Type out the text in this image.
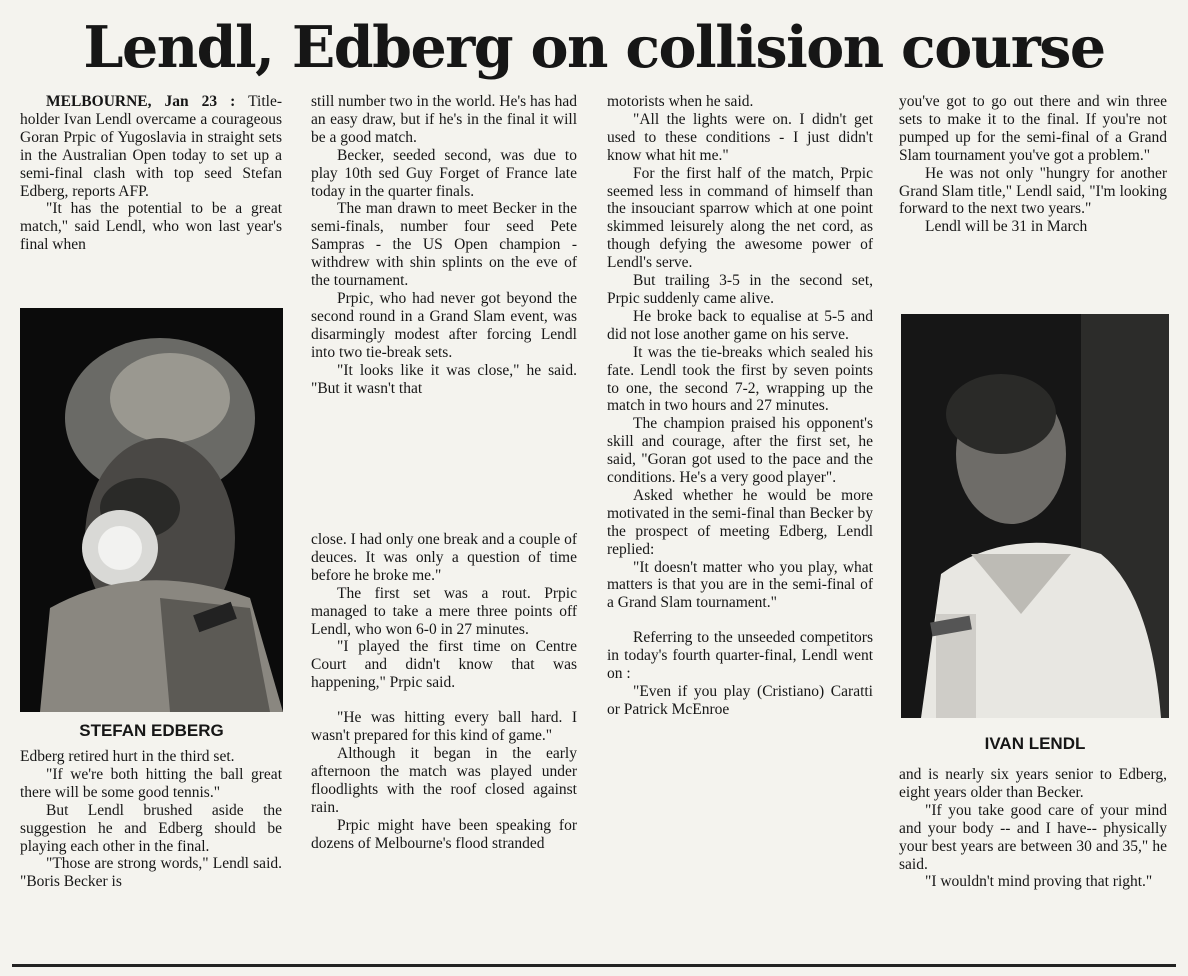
Lendl, Edberg on collision course

MELBOURNE, Jan 23 : Title-holder Ivan Lendl overcame a courageous Goran Prpic of Yugoslavia in straight sets in the Australian Open today to set up a semi-final clash with top seed Stefan Edberg, reports AFP.

"It has the potential to be a great match," said Lendl, who won last year's final when

STEFAN EDBERG

Edberg retired hurt in the third set.

"If we're both hitting the ball great there will be some good tennis."

But Lendl brushed aside the suggestion he and Edberg should be playing each other in the final.

"Those are strong words," Lendl said. "Boris Becker is

still number two in the world. He's has had an easy draw, but if he's in the final it will be a good match.

Becker, seeded second, was due to play 10th sed Guy Forget of France late today in the quarter finals.

The man drawn to meet Becker in the semi-finals, number four seed Pete Sampras - the US Open champion - withdrew with shin splints on the eve of the tournament.

Prpic, who had never got beyond the second round in a Grand Slam event, was disarmingly modest after forcing Lendl into two tie-break sets.

"It looks like it was close," he said. "But it wasn't that

close. I had only one break and a couple of deuces. It was only a question of time before he broke me."

The first set was a rout. Prpic managed to take a mere three points off Lendl, who won 6-0 in 27 minutes.

"I played the first time on Centre Court and didn't know that was happening," Prpic said.

"He was hitting every ball hard. I wasn't prepared for this kind of game."

Although it began in the early afternoon the match was played under floodlights with the roof closed against rain.

Prpic might have been speaking for dozens of Melbourne's flood stranded

motorists when he said.

"All the lights were on. I didn't get used to these conditions - I just didn't know what hit me."

For the first half of the match, Prpic seemed less in command of himself than the insouciant sparrow which at one point skimmed leisurely along the net cord, as though defying the awesome power of Lendl's serve.

But trailing 3-5 in the second set, Prpic suddenly came alive.

He broke back to equalise at 5-5 and did not lose another game on his serve.

It was the tie-breaks which sealed his fate. Lendl took the first by seven points to one, the second 7-2, wrapping up the match in two hours and 27 minutes.

The champion praised his opponent's skill and courage, after the first set, he said, "Goran got used to the pace and the conditions. He's a very good player".

Asked whether he would be more motivated in the semi-final than Becker by the prospect of meeting Edberg, Lendl replied:

"It doesn't matter who you play, what matters is that you are in the semi-final of a Grand Slam tournament."

Referring to the unseeded competitors in today's fourth quarter-final, Lendl went on :

"Even if you play (Cristiano) Caratti or Patrick McEnroe

you've got to go out there and win three sets to make it to the final. If you're not pumped up for the semi-final of a Grand Slam tournament you've got a problem."

He was not only "hungry for another Grand Slam title," Lendl said, "I'm looking forward to the next two years."

Lendl will be 31 in March

IVAN LENDL

and is nearly six years senior to Edberg, eight years older than Becker.

"If you take good care of your mind and your body -- and I have-- physically your best years are between 30 and 35," he said.

"I wouldn't mind proving that right."
